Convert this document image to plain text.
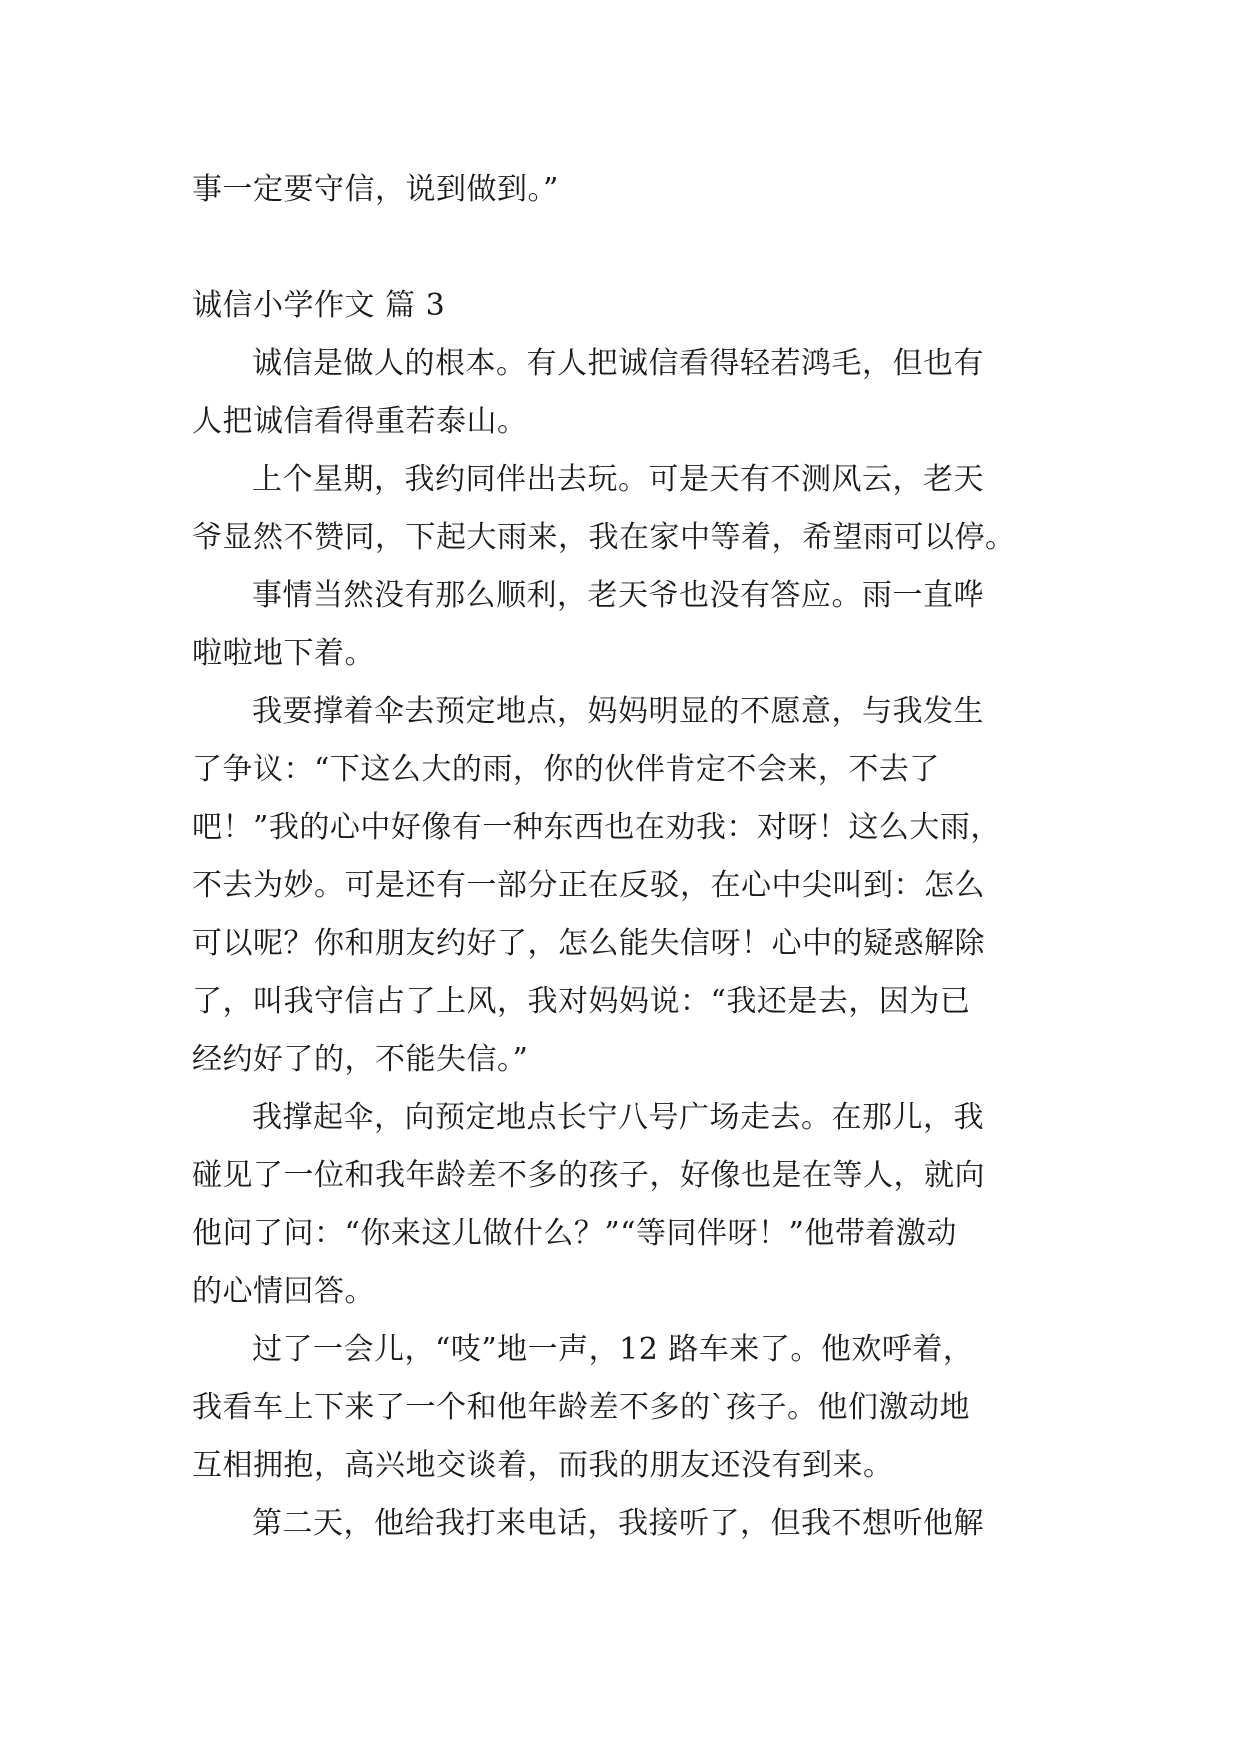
事一定要守信，说到做到。”

诚信小学作文 篇 3

诚信是做人的根本。有人把诚信看得轻若鸿毛，但也有
人把诚信看得重若泰山。

上个星期，我约同伴出去玩。可是天有不测风云，老天
爷显然不赞同，下起大雨来，我在家中等着，希望雨可以停。

事情当然没有那么顺利，老天爷也没有答应。雨一直哗
啦啦地下着。

我要撑着伞去预定地点，妈妈明显的不愿意，与我发生
了争议：“下这么大的雨，你的伙伴肯定不会来，不去了
吧！”我的心中好像有一种东西也在劝我：对呀！这么大雨，
不去为妙。可是还有一部分正在反驳，在心中尖叫到：怎么
可以呢？你和朋友约好了，怎么能失信呀！心中的疑惑解除
了，叫我守信占了上风，我对妈妈说：“我还是去，因为已
经约好了的，不能失信。”

我撑起伞，向预定地点长宁八号广场走去。在那儿，我
碰见了一位和我年龄差不多的孩子，好像也是在等人，就向
他问了问：“你来这儿做什么？”“等同伴呀！”他带着激动
的心情回答。

过了一会儿，“吱”地一声，12 路车来了。他欢呼着，
我看车上下来了一个和他年龄差不多的`孩子。他们激动地
互相拥抱，高兴地交谈着，而我的朋友还没有到来。

第二天，他给我打来电话，我接听了，但我不想听他解
